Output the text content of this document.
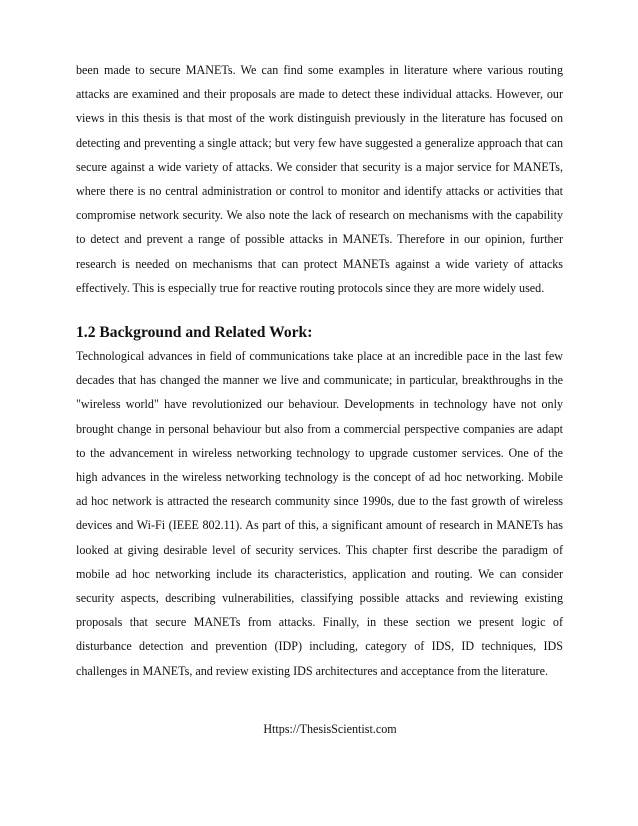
been made to secure MANETs. We can find some examples in literature where various routing attacks are examined and their proposals are made to detect these individual attacks. However, our views in this thesis is that most of the work distinguish previously in the literature has focused on detecting and preventing a single attack; but very few have suggested a generalize approach that can secure against a wide variety of attacks. We consider that security is a major service for MANETs, where there is no central administration or control to monitor and identify attacks or activities that compromise network security. We also note the lack of research on mechanisms with the capability to detect and prevent a range of possible attacks in MANETs. Therefore in our opinion, further research is needed on mechanisms that can protect MANETs against a wide variety of attacks effectively. This is especially true for reactive routing protocols since they are more widely used.

1.2 Background and Related Work:

Technological advances in field of communications take place at an incredible pace in the last few decades that has changed the manner we live and communicate; in particular, breakthroughs in the "wireless world" have revolutionized our behaviour. Developments in technology have not only brought change in personal behaviour but also from a commercial perspective companies are adapt to the advancement in wireless networking technology to upgrade customer services. One of the high advances in the wireless networking technology is the concept of ad hoc networking. Mobile ad hoc network is attracted the research community since 1990s, due to the fast growth of wireless devices and Wi-Fi (IEEE 802.11). As part of this, a significant amount of research in MANETs has looked at giving desirable level of security services. This chapter first describe the paradigm of mobile ad hoc networking include its characteristics, application and routing. We can consider security aspects, describing vulnerabilities, classifying possible attacks and reviewing existing proposals that secure MANETs from attacks. Finally, in these section we present logic of disturbance detection and prevention (IDP) including, category of IDS, ID techniques, IDS challenges in MANETs, and review existing IDS architectures and acceptance from the literature.

Https://ThesisScientist.com
